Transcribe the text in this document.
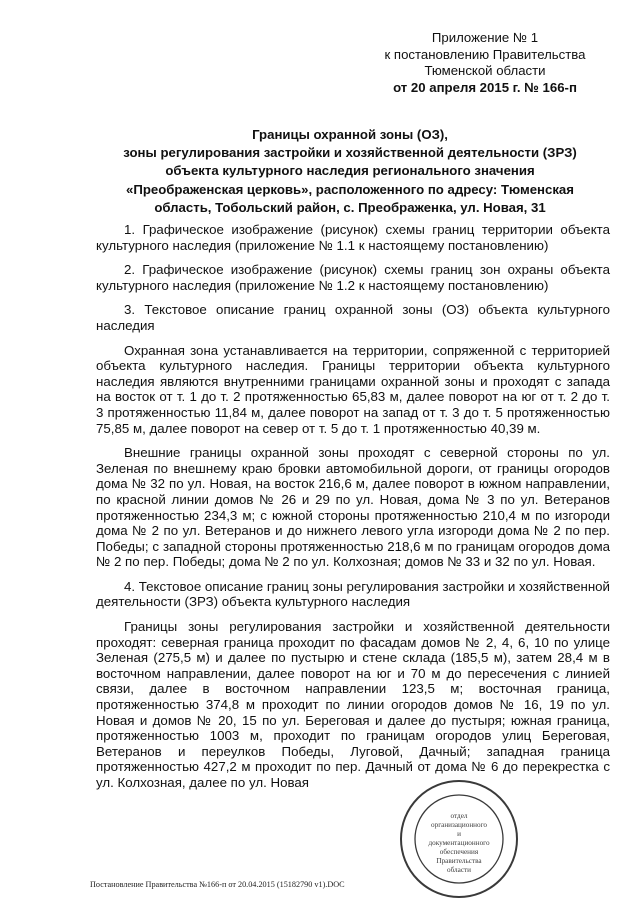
Приложение № 1
к постановлению Правительства
Тюменской области
от 20 апреля 2015 г. № 166-п
Границы охранной зоны (ОЗ),
зоны регулирования застройки и хозяйственной деятельности (ЗРЗ)
объекта культурного наследия регионального значения
«Преображенская церковь», расположенного по адресу: Тюменская
область, Тобольский район, с. Преображенка, ул. Новая, 31

1. Графическое изображение (рисунок) схемы границ территории объекта культурного наследия (приложение № 1.1 к настоящему постановлению)

2. Графическое изображение (рисунок) схемы границ зон охраны объекта культурного наследия (приложение № 1.2 к настоящему постановлению)

3. Текстовое описание границ охранной зоны (ОЗ) объекта культурного наследия

Охранная зона устанавливается на территории, сопряженной с территорией объекта культурного наследия. Границы территории объекта культурного наследия являются внутренними границами охранной зоны и проходят с запада на восток от т. 1 до т. 2 протяженностью 65,83 м, далее поворот на юг от т. 2 до т. 3 протяженностью 11,84 м, далее поворот на запад от т. 3 до т. 5 протяженностью 75,85 м, далее поворот на север от т. 5 до т. 1 протяженностью 40,39 м.

Внешние границы охранной зоны проходят с северной стороны по ул. Зеленая по внешнему краю бровки автомобильной дороги, от границы огородов дома № 32 по ул. Новая, на восток 216,6 м, далее поворот в южном направлении, по красной линии домов № 26 и 29 по ул. Новая, дома № 3 по ул. Ветеранов протяженностью 234,3 м; с южной стороны протяженностью 210,4 м по изгороди дома № 2 по ул. Ветеранов и до нижнего левого угла изгороди дома № 2 по пер. Победы; с западной стороны протяженностью 218,6 м по границам огородов дома № 2 по пер. Победы; дома № 2 по ул. Колхозная; домов № 33 и 32 по ул. Новая.

4. Текстовое описание границ зоны регулирования застройки и хозяйственной деятельности (ЗРЗ) объекта культурного наследия

Границы зоны регулирования застройки и хозяйственной деятельности проходят: северная граница проходит по фасадам домов № 2, 4, 6, 10 по улице Зеленая (275,5 м) и далее по пустырю и стене склада (185,5 м), затем 28,4 м в восточном направлении, далее поворот на юг и 70 м до пересечения с линией связи, далее в восточном направлении 123,5 м; восточная граница, протяженностью 374,8 м проходит по линии огородов домов № 16, 19 по ул. Новая и домов № 20, 15 по ул. Береговая и далее до пустыря; южная граница, протяженностью 1003 м, проходит по границам огородов улиц Береговая, Ветеранов и переулков Победы, Луговой, Дачный; западная граница протяженностью 427,2 м проходит по пер. Дачный от дома № 6 до перекрестка с ул. Колхозная, далее по ул. Новая

отдел
организационного
и
документационного
обеспечения
Правительства
области
Постановление Правительства №166-п от 20.04.2015 (15182790 v1).DOC
